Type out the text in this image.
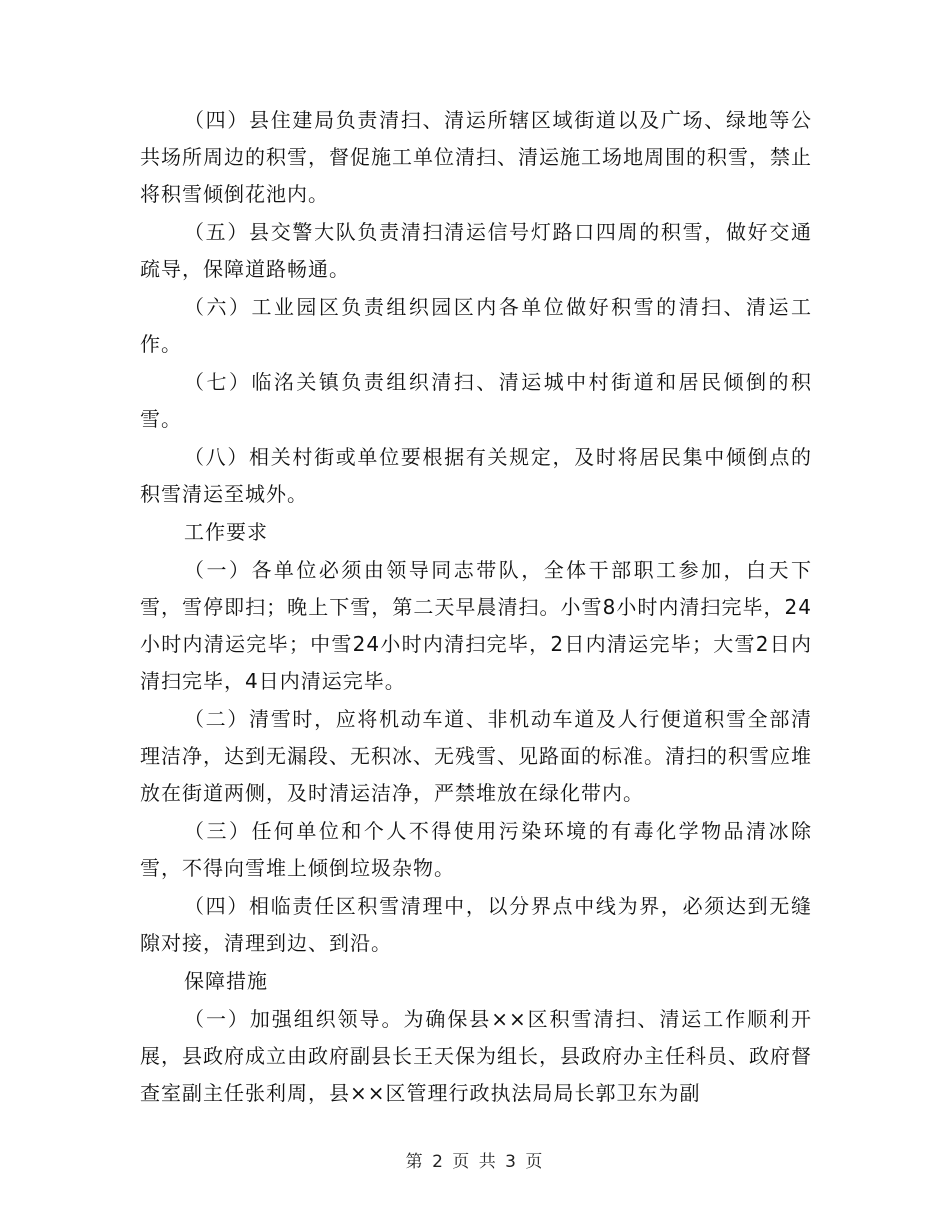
（四）县住建局负责清扫、清运所辖区域街道以及广场、绿地等公共场所周边的积雪，督促施工单位清扫、清运施工场地周围的积雪，禁止将积雪倾倒花池内。

（五）县交警大队负责清扫清运信号灯路口四周的积雪，做好交通疏导，保障道路畅通。

（六）工业园区负责组织园区内各单位做好积雪的清扫、清运工作。

（七）临洺关镇负责组织清扫、清运城中村街道和居民倾倒的积雪。

（八）相关村街或单位要根据有关规定，及时将居民集中倾倒点的积雪清运至城外。

工作要求

（一）各单位必须由领导同志带队，全体干部职工参加，白天下雪，雪停即扫；晚上下雪，第二天早晨清扫。小雪8小时内清扫完毕，24小时内清运完毕；中雪24小时内清扫完毕，2日内清运完毕；大雪2日内清扫完毕，4日内清运完毕。

（二）清雪时，应将机动车道、非机动车道及人行便道积雪全部清理洁净，达到无漏段、无积冰、无残雪、见路面的标准。清扫的积雪应堆放在街道两侧，及时清运洁净，严禁堆放在绿化带内。

（三）任何单位和个人不得使用污染环境的有毒化学物品清冰除雪，不得向雪堆上倾倒垃圾杂物。

（四）相临责任区积雪清理中，以分界点中线为界，必须达到无缝隙对接，清理到边、到沿。

保障措施

（一）加强组织领导。为确保县××区积雪清扫、清运工作顺利开展，县政府成立由政府副县长王天保为组长，县政府办主任科员、政府督查室副主任张利周，县××区管理行政执法局局长郭卫东为副

第 2 页 共 3 页
